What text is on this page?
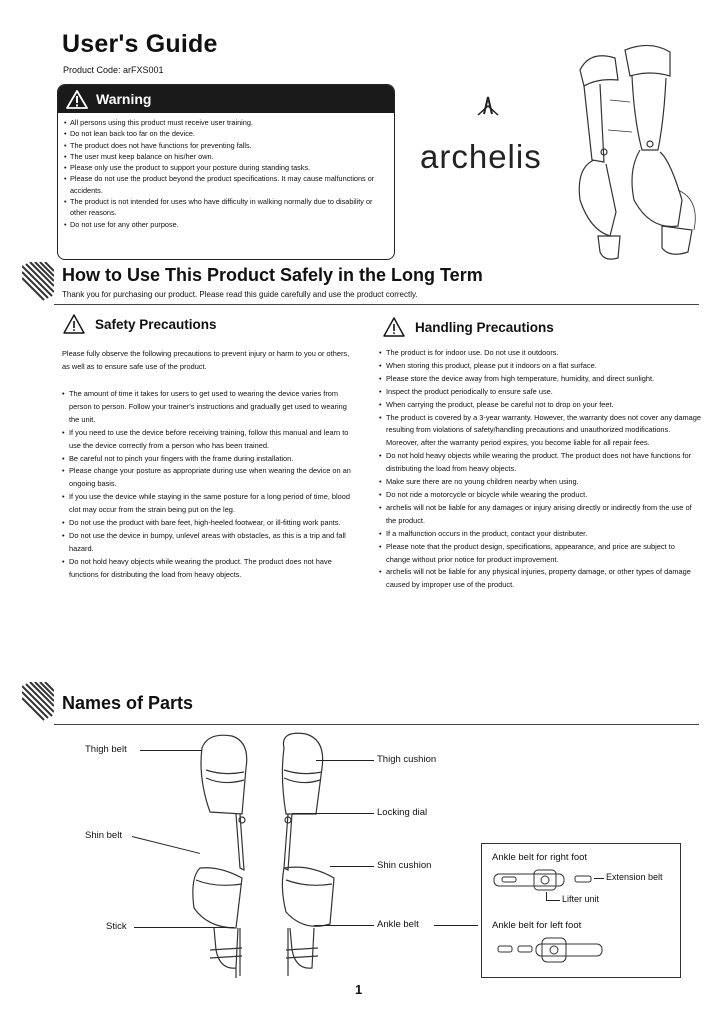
User's Guide
Product Code: arFXS001
Warning
• All persons using this product must receive user training.
• Do not lean back too far on the device.
• The product does not have functions for preventing falls.
• The user must keep balance on his/her own.
• Please only use the product to support your posture during standing tasks.
• Please do not use the product beyond the product specifications. It may cause malfunctions or accidents.
• The product is not intended for uses who have difficulty in walking normally due to disability or other reasons.
• Do not use for any other purpose.
archelis
How to Use This Product Safely in the Long Term
Thank you for purchasing our product. Please read this guide carefully and use the product correctly.
Safety Precautions
Please fully observe the following precautions to prevent injury or harm to you or others, as well as to ensure safe use of the product.
• The amount of time it takes for users to get used to wearing the device varies from person to person. Follow your trainer's instructions and gradually get used to wearing the unit.
• If you need to use the device before receiving training, follow this manual and learn to use the device correctly from a person who has been trained.
• Be careful not to pinch your fingers with the frame during installation.
• Please change your posture as appropriate during use when wearing the device on an ongoing basis.
• If you use the device while staying in the same posture for a long period of time, blood clot may occur from the strain being put on the leg.
• Do not use the product with bare feet, high-heeled footwear, or ill-fitting work pants.
• Do not use the device in bumpy, unlevel areas with obstacles, as this is a trip and fall hazard.
• Do not hold heavy objects while wearing the product. The product does not have functions for distributing the load from heavy objects.
Handling Precautions
• The product is for indoor use. Do not use it outdoors.
• When storing this product, please put it indoors on a flat surface.
• Please store the device away from high temperature, humidity, and direct sunlight.
• Inspect the product periodically to ensure safe use.
• When carrying the product, please be careful not to drop on your feet.
• The product is covered by a 3-year warranty. However, the warranty does not cover any damage resulting from violations of safety/handling precautions and unauthorized modifications. Moreover, after the warranty period expires, you become liable for all repair fees.
• Do not hold heavy objects while wearing the product. The product does not have functions for distributing the load from heavy objects.
• Make sure there are no young children nearby when using.
• Do not ride a motorcycle or bicycle while wearing the product.
• archelis will not be liable for any damages or injury arising directly or indirectly from the use of the product.
• If a malfunction occurs in the product, contact your distributer.
• Please note that the product design, specifications, appearance, and price are subject to change without prior notice for product improvement.
• archelis will not be liable for any physical injuries, property damage, or other types of damage caused by improper use of the product.
Names of Parts
Thigh belt
Shin belt
Stick
Thigh cushion
Locking dial
Shin cushion
Ankle belt
Ankle belt for right foot
Extension belt
Lifter unit
Ankle belt for left foot
1
